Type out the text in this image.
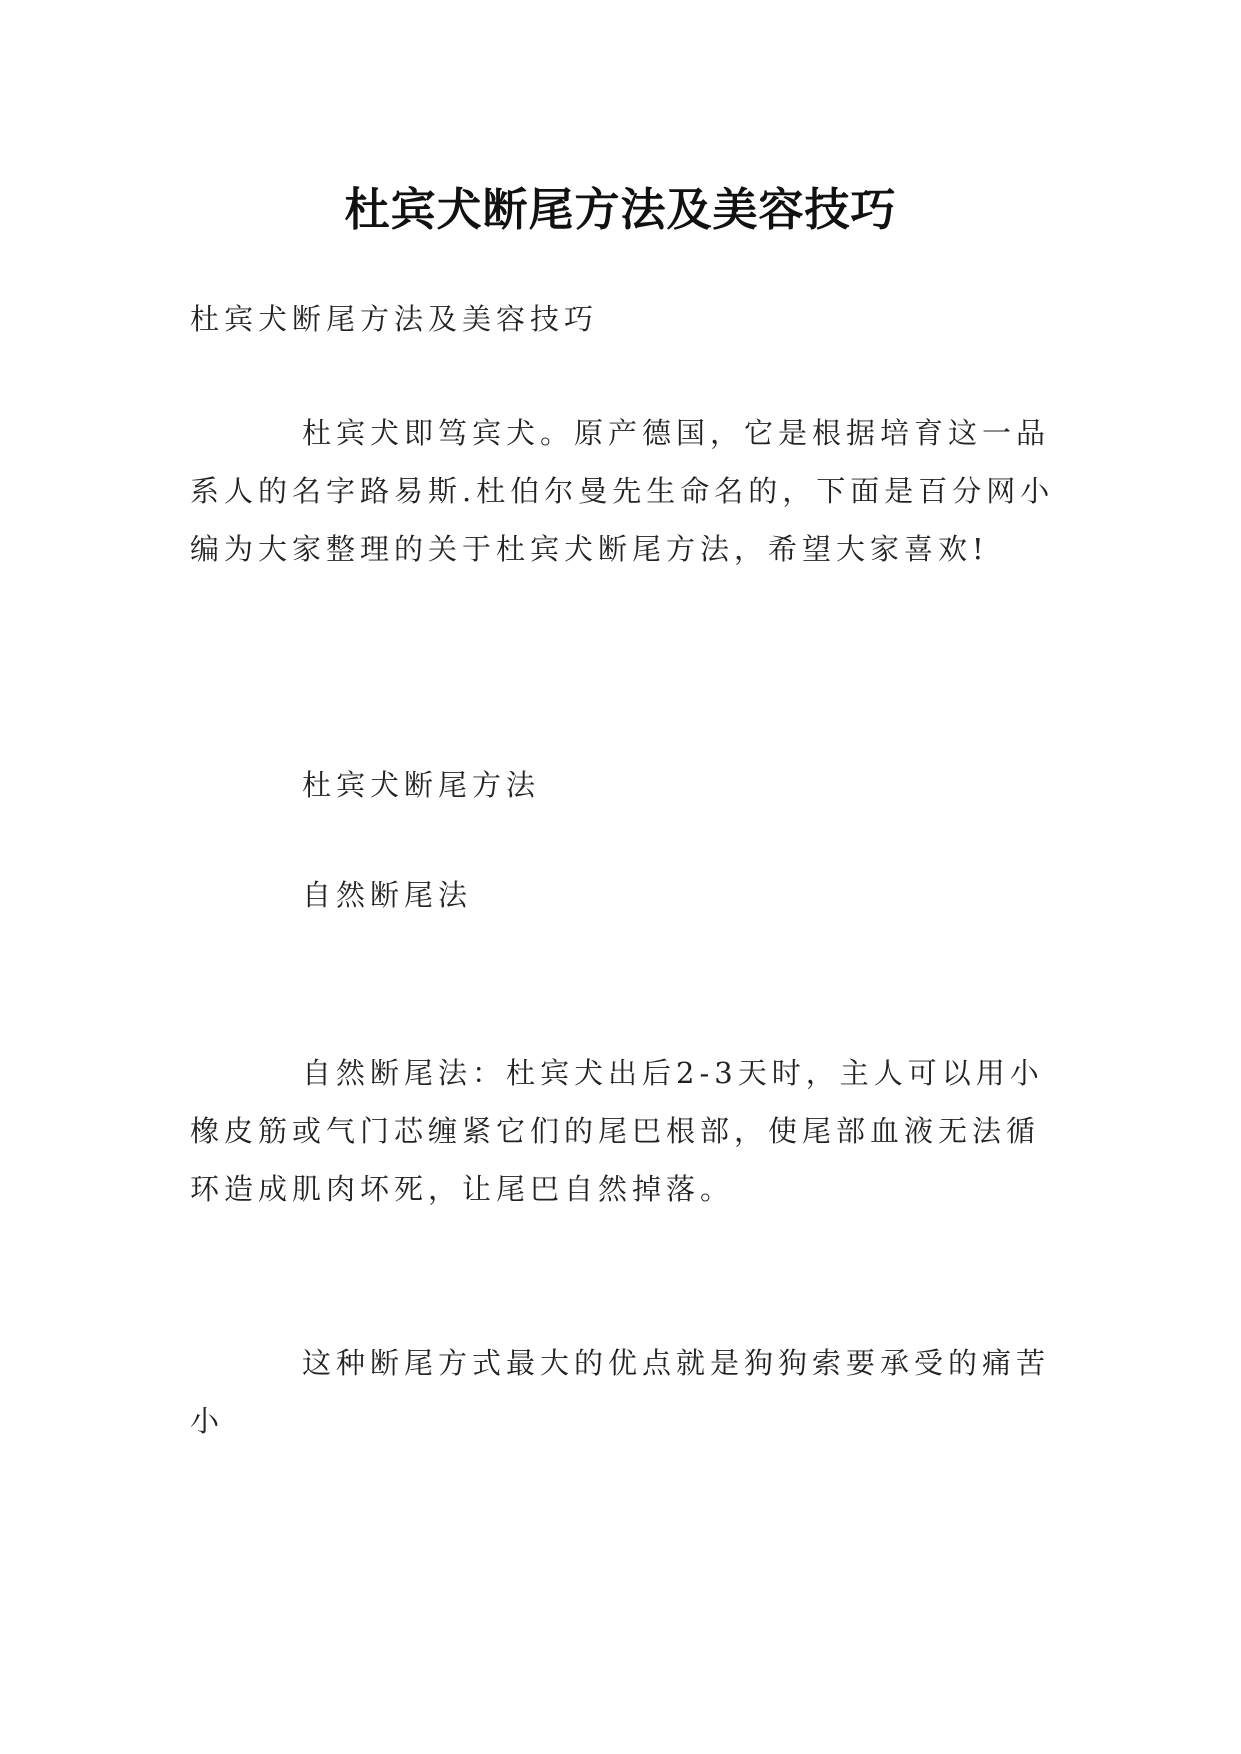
杜宾犬断尾方法及美容技巧

杜宾犬断尾方法及美容技巧

杜宾犬即笃宾犬。原产德国，它是根据培育这一品系人的名字路易斯.杜伯尔曼先生命名的，下面是百分网小编为大家整理的关于杜宾犬断尾方法，希望大家喜欢!

杜宾犬断尾方法

自然断尾法

自然断尾法：杜宾犬出后2-3天时，主人可以用小橡皮筋或气门芯缠紧它们的尾巴根部，使尾部血液无法循环造成肌肉坏死，让尾巴自然掉落。

这种断尾方式最大的优点就是狗狗索要承受的痛苦小
